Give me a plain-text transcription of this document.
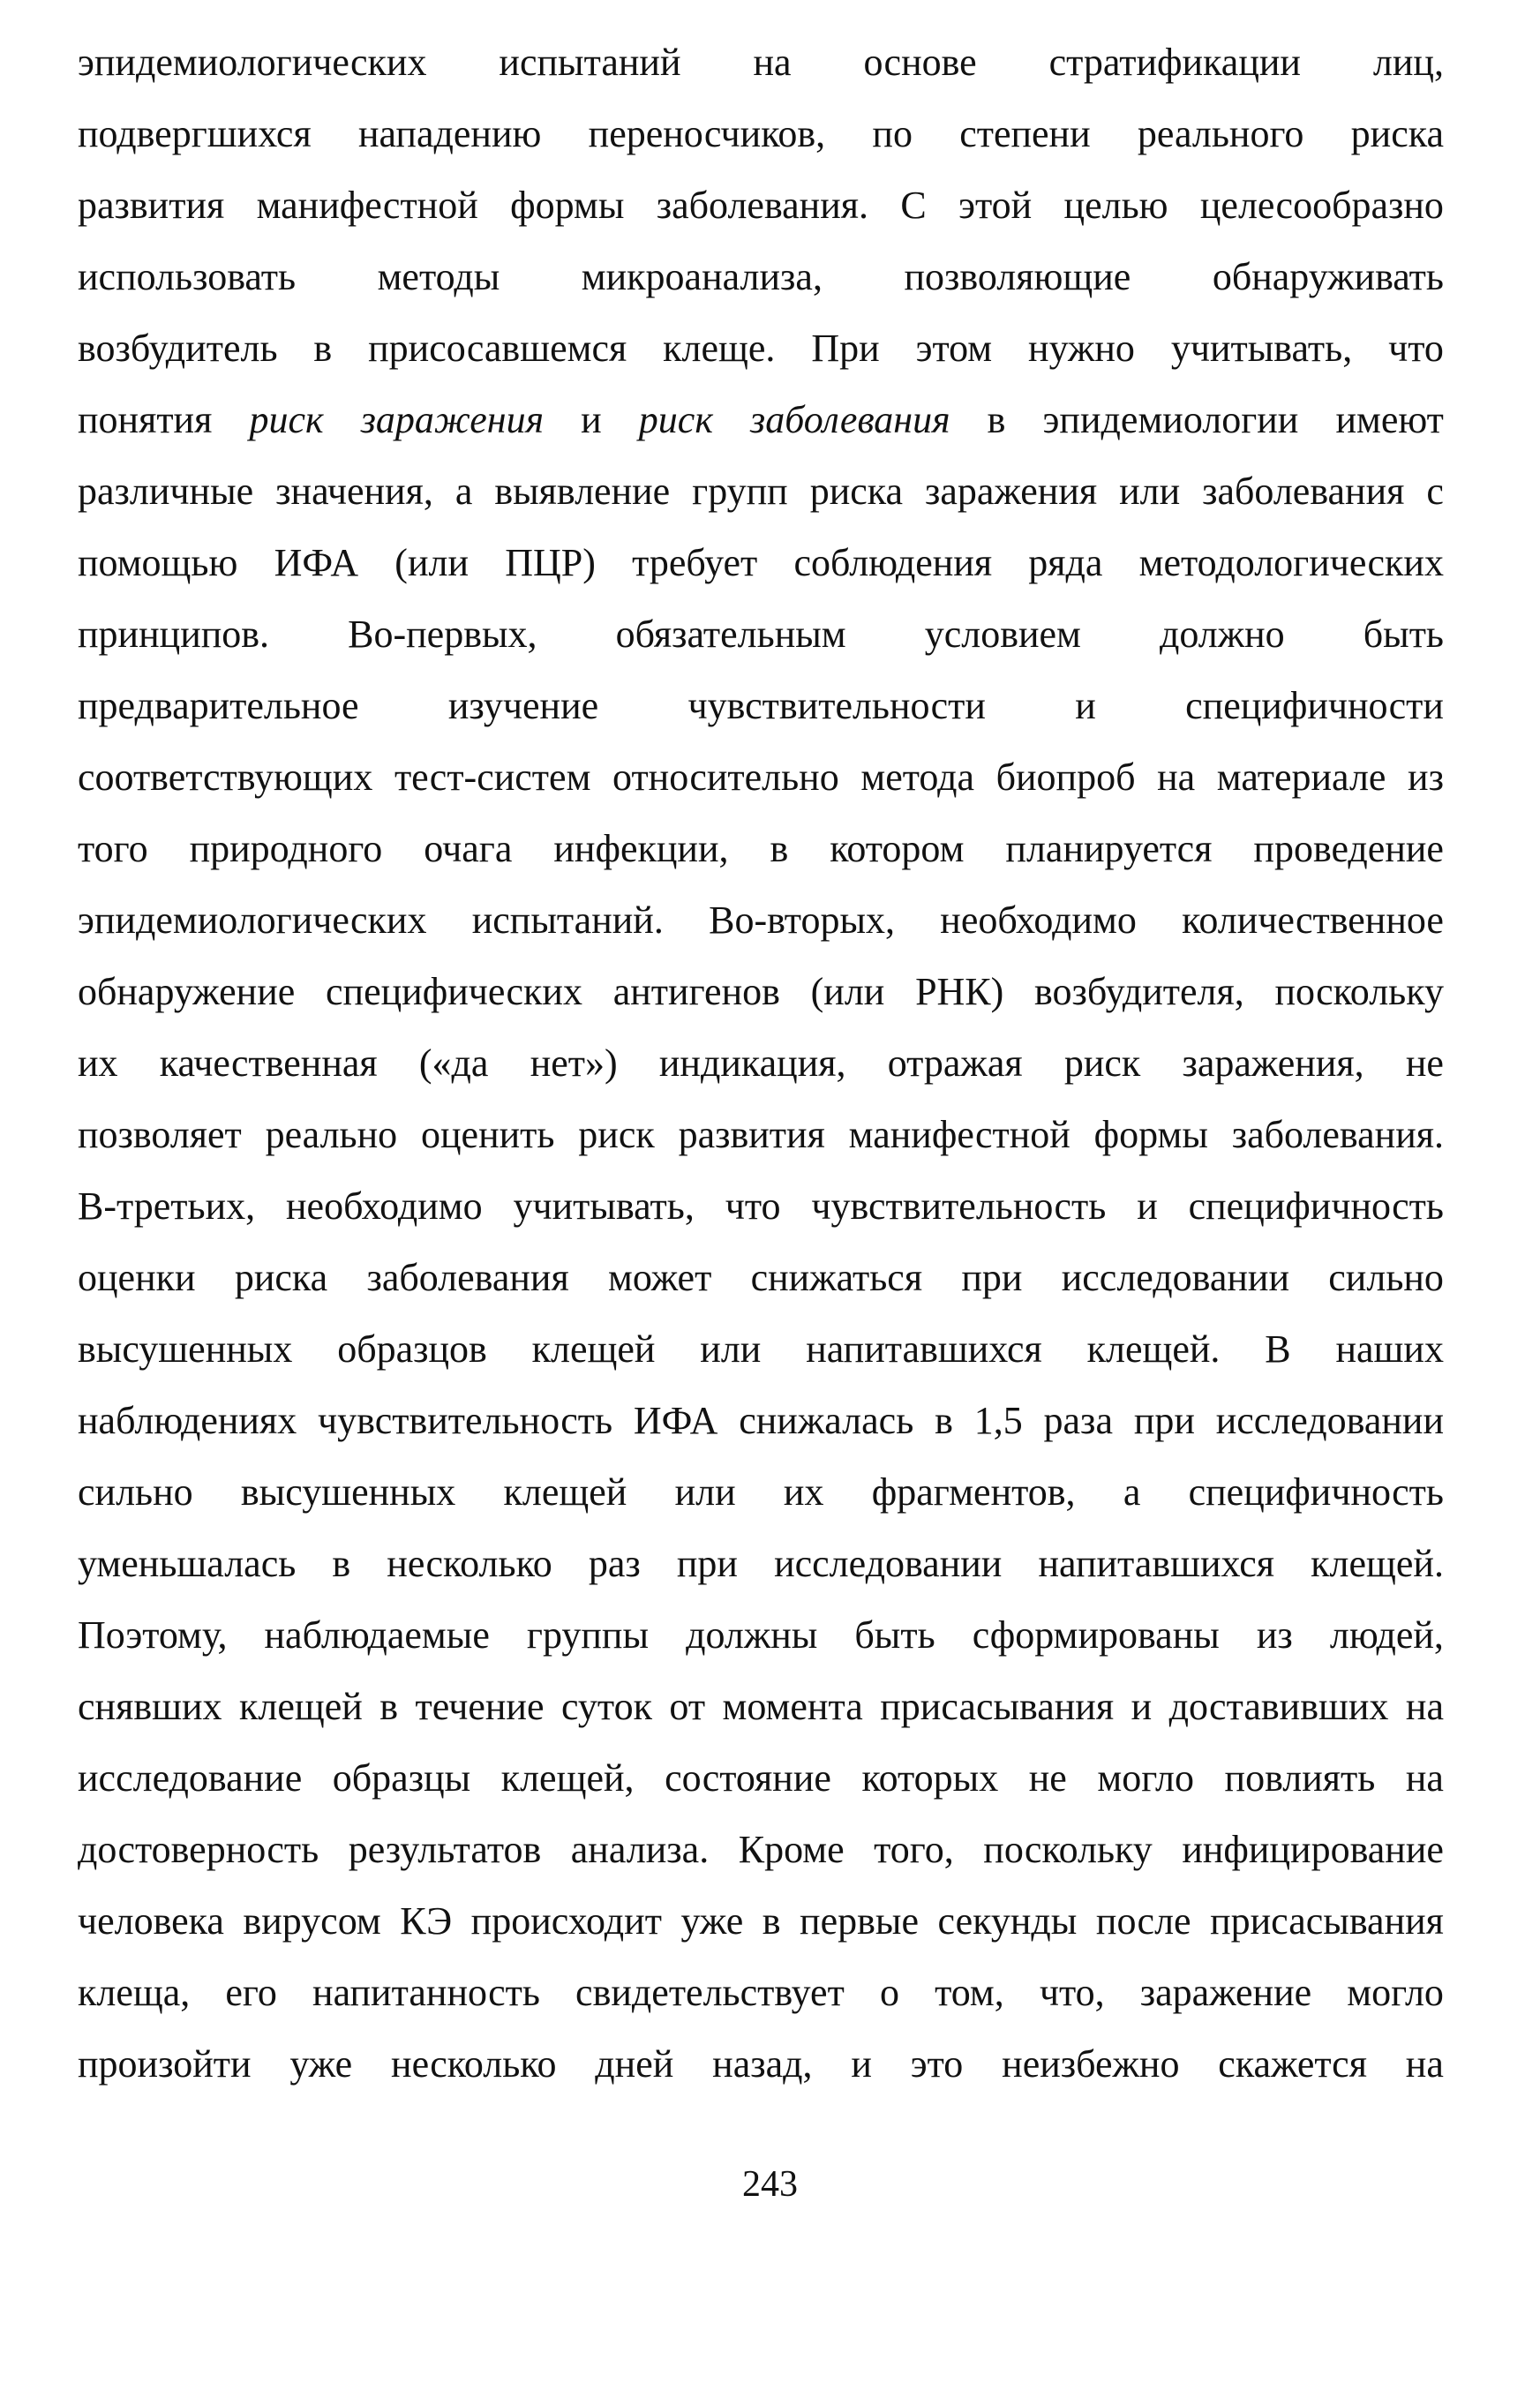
эпидемиологических испытаний на основе стратификации лиц,
подвергшихся нападению переносчиков, по степени реального риска
развития манифестной формы заболевания. С этой целью целесообразно
использовать методы микроанализа, позволяющие обнаруживать
возбудитель в присосавшемся клеще. При этом нужно учитывать, что
понятия риск заражения и риск заболевания в эпидемиологии имеют
различные значения, а выявление групп риска заражения или заболевания с
помощью ИФА (или ПЦР) требует соблюдения ряда методологических
принципов. Во-первых, обязательным условием должно быть
предварительное изучение чувствительности и специфичности
соответствующих тест-систем относительно метода биопроб на материале из
того природного очага инфекции, в котором планируется проведение
эпидемиологических испытаний. Во-вторых, необходимо количественное
обнаружение специфических антигенов (или РНК) возбудителя, поскольку
их качественная («да нет») индикация, отражая риск заражения, не
позволяет реально оценить риск развития манифестной формы заболевания.
В-третьих, необходимо учитывать, что чувствительность и специфичность
оценки риска заболевания может снижаться при исследовании сильно
высушенных образцов клещей или напитавшихся клещей. В наших
наблюдениях чувствительность ИФА снижалась в 1,5 раза при исследовании
сильно высушенных клещей или их фрагментов, а специфичность
уменьшалась в несколько раз при исследовании напитавшихся клещей.
Поэтому, наблюдаемые группы должны быть сформированы из людей,
снявших клещей в течение суток от момента присасывания и доставивших на
исследование образцы клещей, состояние которых не могло повлиять на
достоверность результатов анализа. Кроме того, поскольку инфицирование
человека вирусом КЭ происходит уже в первые секунды после присасывания
клеща, его напитанность свидетельствует о том, что, заражение могло
произойти уже несколько дней назад, и это неизбежно скажется на
243
